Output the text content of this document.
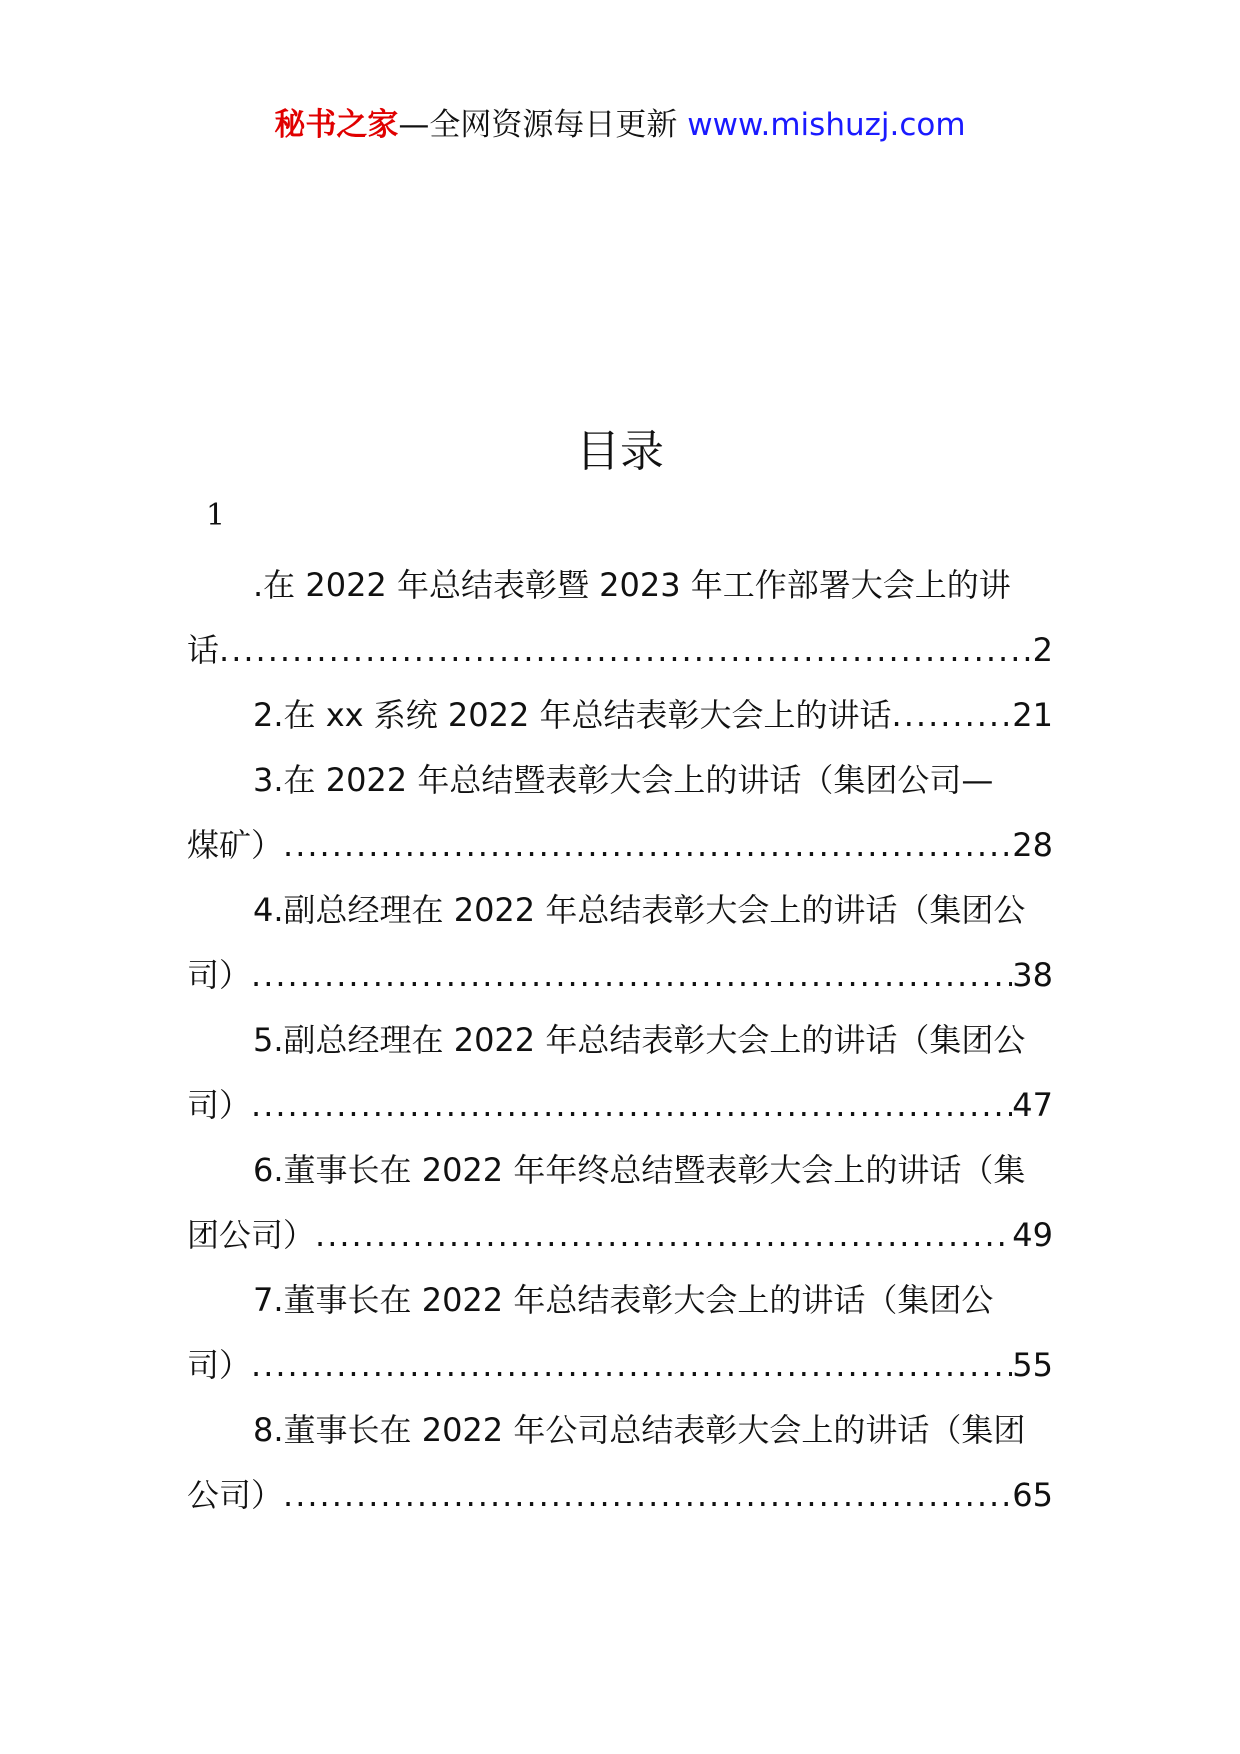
秘书之家—全网资源每日更新 www.mishuzj.com
目录
1
.在 2022 年总结表彰暨 2023 年工作部署大会上的讲
话 .....	2
2.在 xx 系统 2022 年总结表彰大会上的讲话 .....	21
3.在 2022 年总结暨表彰大会上的讲话（集团公司—
煤矿） .....	28
4.副总经理在 2022 年总结表彰大会上的讲话（集团公
司） .....	38
5.副总经理在 2022 年总结表彰大会上的讲话（集团公
司） .....	47
6.董事长在 2022 年年终总结暨表彰大会上的讲话（集
团公司） .....	49
7.董事长在 2022 年总结表彰大会上的讲话（集团公
司） .....	55
8.董事长在 2022 年公司总结表彰大会上的讲话（集团
公司） .....	65
